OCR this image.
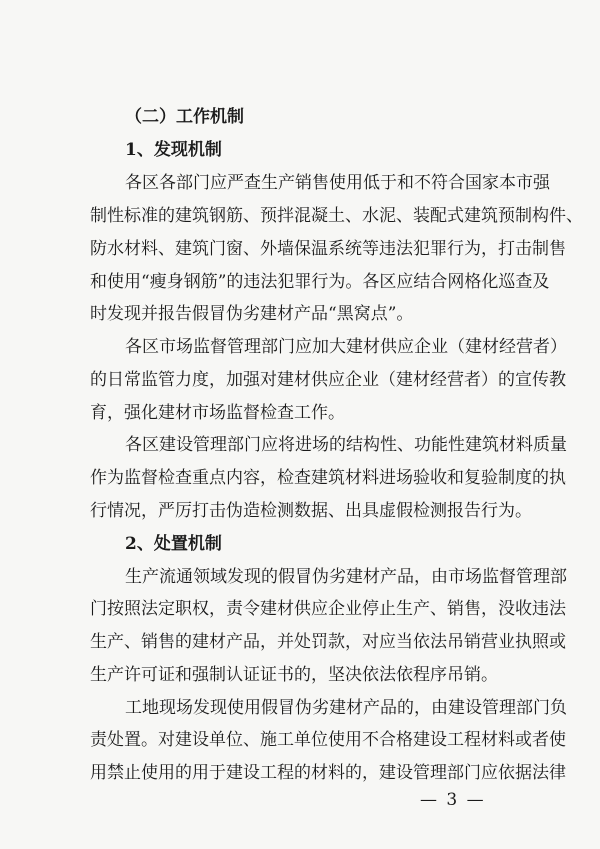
（二）工作机制
1、发现机制
各区各部门应严查生产销售使用低于和不符合国家本市强
制性标准的建筑钢筋、预拌混凝土、水泥、装配式建筑预制构件、
防水材料、建筑门窗、外墙保温系统等违法犯罪行为，打击制售
和使用“瘦身钢筋”的违法犯罪行为。各区应结合网格化巡查及
时发现并报告假冒伪劣建材产品“黑窝点”。
各区市场监督管理部门应加大建材供应企业（建材经营者）
的日常监管力度，加强对建材供应企业（建材经营者）的宣传教
育，强化建材市场监督检查工作。
各区建设管理部门应将进场的结构性、功能性建筑材料质量
作为监督检查重点内容，检查建筑材料进场验收和复验制度的执
行情况，严厉打击伪造检测数据、出具虚假检测报告行为。
2、处置机制
生产流通领域发现的假冒伪劣建材产品，由市场监督管理部
门按照法定职权，责令建材供应企业停止生产、销售，没收违法
生产、销售的建材产品，并处罚款，对应当依法吊销营业执照或
生产许可证和强制认证证书的，坚决依法依程序吊销。
工地现场发现使用假冒伪劣建材产品的，由建设管理部门负
责处置。对建设单位、施工单位使用不合格建设工程材料或者使
用禁止使用的用于建设工程的材料的，建设管理部门应依据法律
— 3 —
